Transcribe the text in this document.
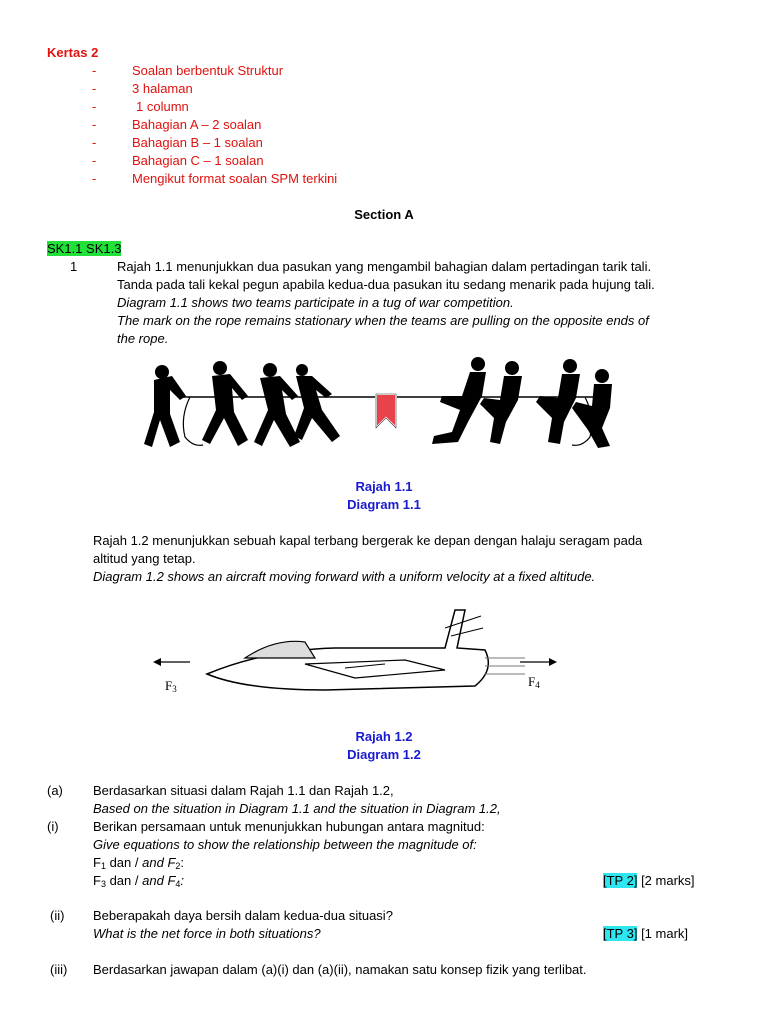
Kertas 2
-	Soalan berbentuk Struktur
-	3 halaman
-	1 column
-	Bahagian A – 2 soalan
-	Bahagian B – 1 soalan
-	Bahagian C – 1 soalan
-	Mengikut format soalan SPM terkini
Section A
SK1.1 SK1.3
1	Rajah 1.1 menunjukkan dua pasukan yang mengambil bahagian dalam pertadingan tarik tali.
Tanda pada tali kekal pegun apabila kedua-dua pasukan itu sedang menarik pada hujung tali.
Diagram 1.1 shows two teams participate in a tug of war competition.
The mark on the rope remains stationary when the teams are pulling on the opposite ends of
the rope.
Rajah 1.1
Diagram 1.1
Rajah 1.2 menunjukkan sebuah kapal terbang bergerak ke depan dengan halaju seragam pada
altitud yang tetap.
Diagram 1.2 shows an aircraft moving forward with a uniform velocity at a fixed altitude.
$F_3$	$F_4$
Rajah 1.2
Diagram 1.2
(a) Berdasarkan situasi dalam Rajah 1.1 dan Rajah 1.2,
Based on the situation in Diagram 1.1 and the situation in Diagram 1.2,
(i)	Berikan persamaan untuk menunjukkan hubungan antara magnitud:
Give equations to show the relationship between the magnitude of:
$F_1$ dan / and $F_2$:
$F_3$ dan / and $F_4$:	[TP 2] [2 marks]
(ii) Beberapakah daya bersih dalam kedua-dua situasi?
What is the net force in both situations?	[TP 3] [1 mark]
(iii) Berdasarkan jawapan dalam (a)(i) dan (a)(ii), namakan satu konsep fizik yang terlibat.
